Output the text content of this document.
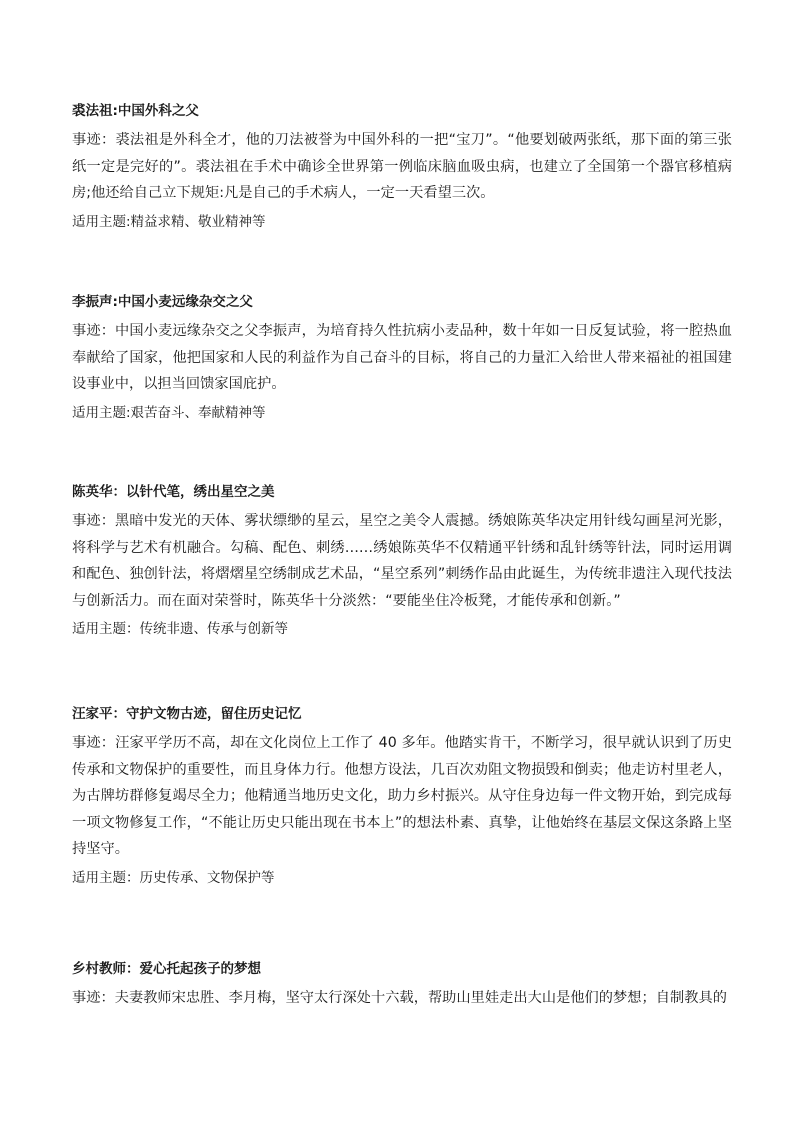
裘法祖:中国外科之父

事迹：裘法祖是外科全才，他的刀法被誉为中国外科的一把“宝刀”。“他要划破两张纸，那下面的第三张纸一定是完好的”。裘法祖在手术中确诊全世界第一例临床脑血吸虫病，也建立了全国第一个器官移植病房;他还给自己立下规矩:凡是自己的手术病人，一定一天看望三次。

适用主题:精益求精、敬业精神等

李振声:中国小麦远缘杂交之父

事迹：中国小麦远缘杂交之父李振声，为培育持久性抗病小麦品种，数十年如一日反复试验，将一腔热血奉献给了国家，他把国家和人民的利益作为自己奋斗的目标，将自己的力量汇入给世人带来福祉的祖国建设事业中，以担当回馈家国庇护。

适用主题:艰苦奋斗、奉献精神等

陈英华：以针代笔，绣出星空之美

事迹：黑暗中发光的天体、雾状缥缈的星云，星空之美令人震撼。绣娘陈英华决定用针线勾画星河光影，将科学与艺术有机融合。勾稿、配色、刺绣……绣娘陈英华不仅精通平针绣和乱针绣等针法，同时运用调和配色、独创针法，将熠熠星空绣制成艺术品，“星空系列”刺绣作品由此诞生，为传统非遗注入现代技法与创新活力。而在面对荣誉时，陈英华十分淡然：“要能坐住冷板凳，才能传承和创新。”

适用主题：传统非遗、传承与创新等

汪家平：守护文物古迹，留住历史记忆

事迹：汪家平学历不高，却在文化岗位上工作了 40 多年。他踏实肯干，不断学习，很早就认识到了历史传承和文物保护的重要性，而且身体力行。他想方设法，几百次劝阻文物损毁和倒卖；他走访村里老人，为古牌坊群修复竭尽全力；他精通当地历史文化，助力乡村振兴。从守住身边每一件文物开始，到完成每一项文物修复工作，“不能让历史只能出现在书本上”的想法朴素、真挚，让他始终在基层文保这条路上坚持坚守。

适用主题：历史传承、文物保护等

乡村教师：爱心托起孩子的梦想

事迹：夫妻教师宋忠胜、李月梅，坚守太行深处十六载，帮助山里娃走出大山是他们的梦想；自制教具的
